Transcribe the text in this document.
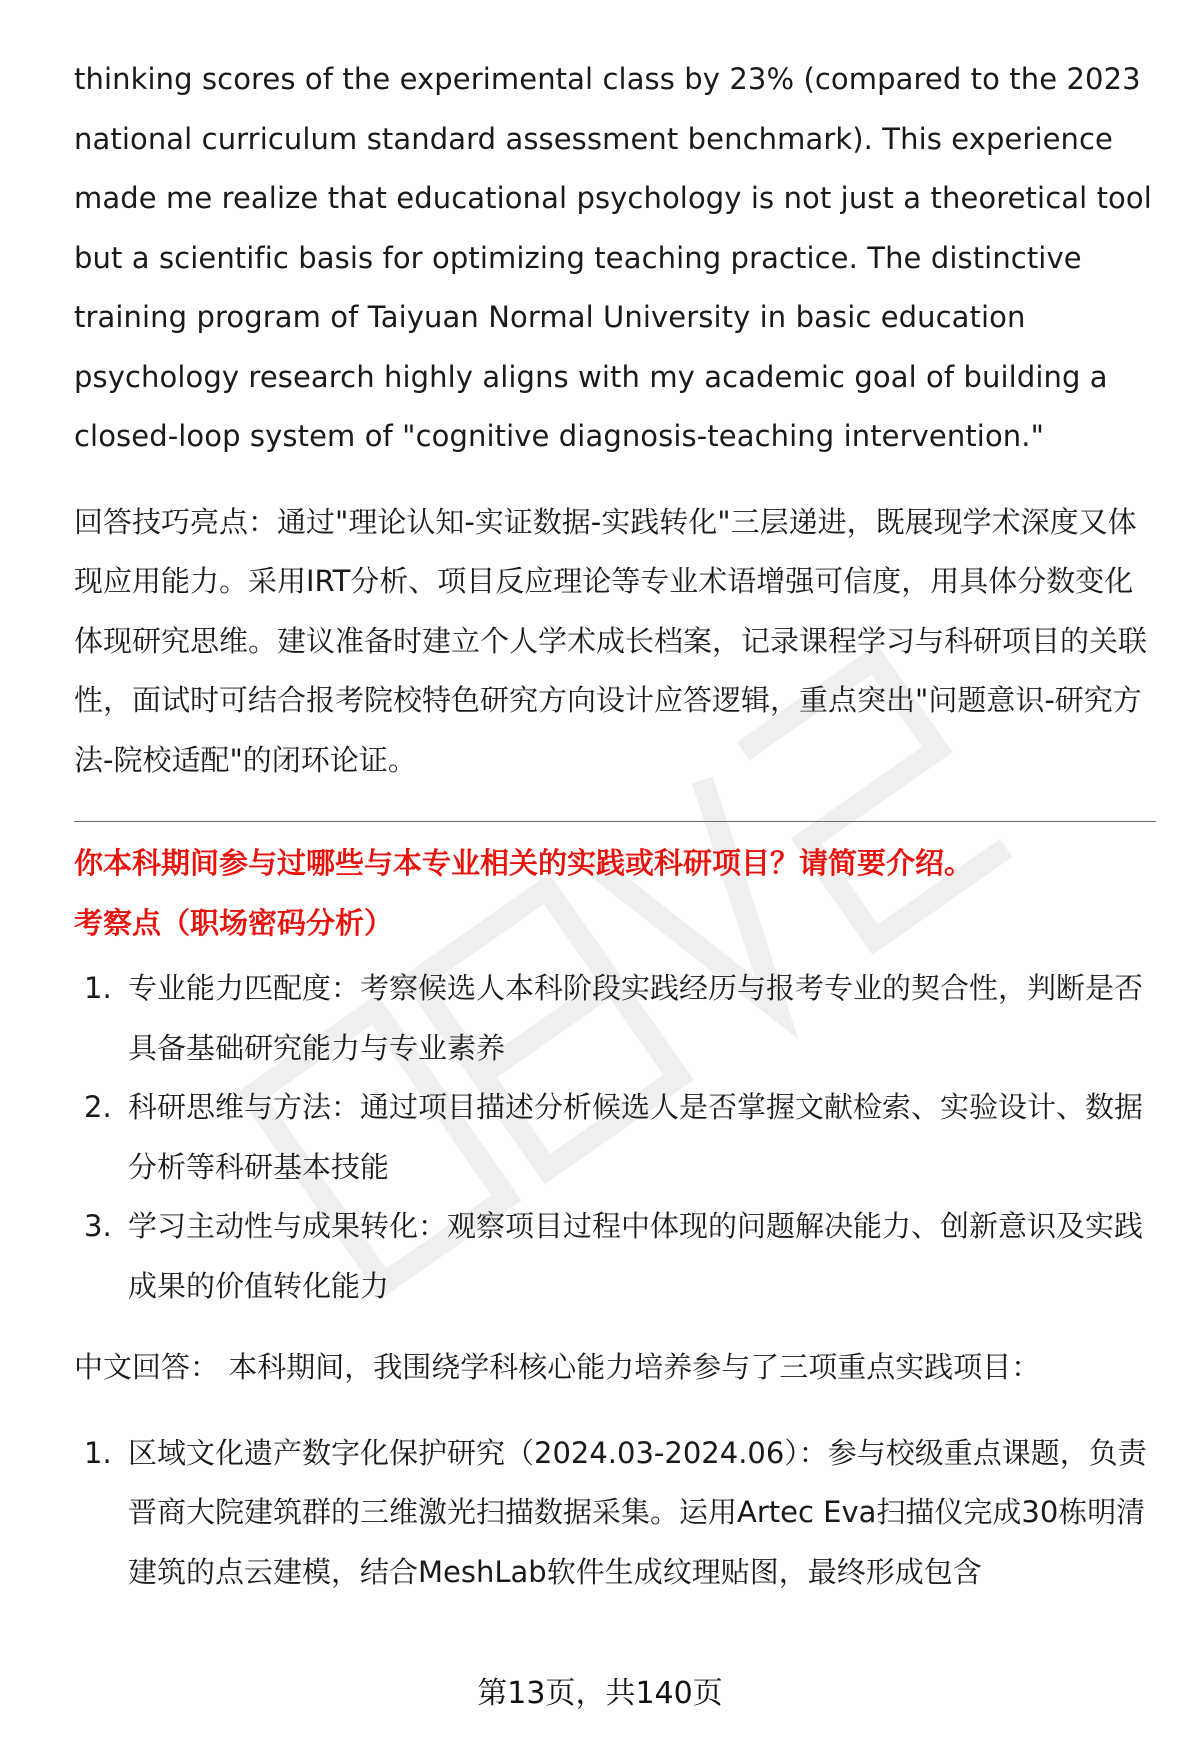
thinking scores of the experimental class by 23% (compared to the 2023 national curriculum standard assessment benchmark). This experience made me realize that educational psychology is not just a theoretical tool but a scientific basis for optimizing teaching practice. The distinctive training program of Taiyuan Normal University in basic education psychology research highly aligns with my academic goal of building a closed-loop system of "cognitive diagnosis-teaching intervention."

回答技巧亮点：通过"理论认知-实证数据-实践转化"三层递进，既展现学术深度又体现应用能力。采用IRT分析、项目反应理论等专业术语增强可信度，用具体分数变化体现研究思维。建议准备时建立个人学术成长档案，记录课程学习与科研项目的关联性，面试时可结合报考院校特色研究方向设计应答逻辑，重点突出"问题意识-研究方法-院校适配"的闭环论证。

你本科期间参与过哪些与本专业相关的实践或科研项目？请简要介绍。

考察点（职场密码分析）

1. 专业能力匹配度：考察候选人本科阶段实践经历与报考专业的契合性，判断是否具备基础研究能力与专业素养
2. 科研思维与方法：通过项目描述分析候选人是否掌握文献检索、实验设计、数据分析等科研基本技能
3. 学习主动性与成果转化：观察项目过程中体现的问题解决能力、创新意识及实践成果的价值转化能力

中文回答： 本科期间，我围绕学科核心能力培养参与了三项重点实践项目：

1. 区域文化遗产数字化保护研究（2024.03-2024.06）：参与校级重点课题，负责晋商大院建筑群的三维激光扫描数据采集。运用Artec Eva扫描仪完成30栋明清建筑的点云建模，结合MeshLab软件生成纹理贴图，最终形成包含
第13页，共140页
